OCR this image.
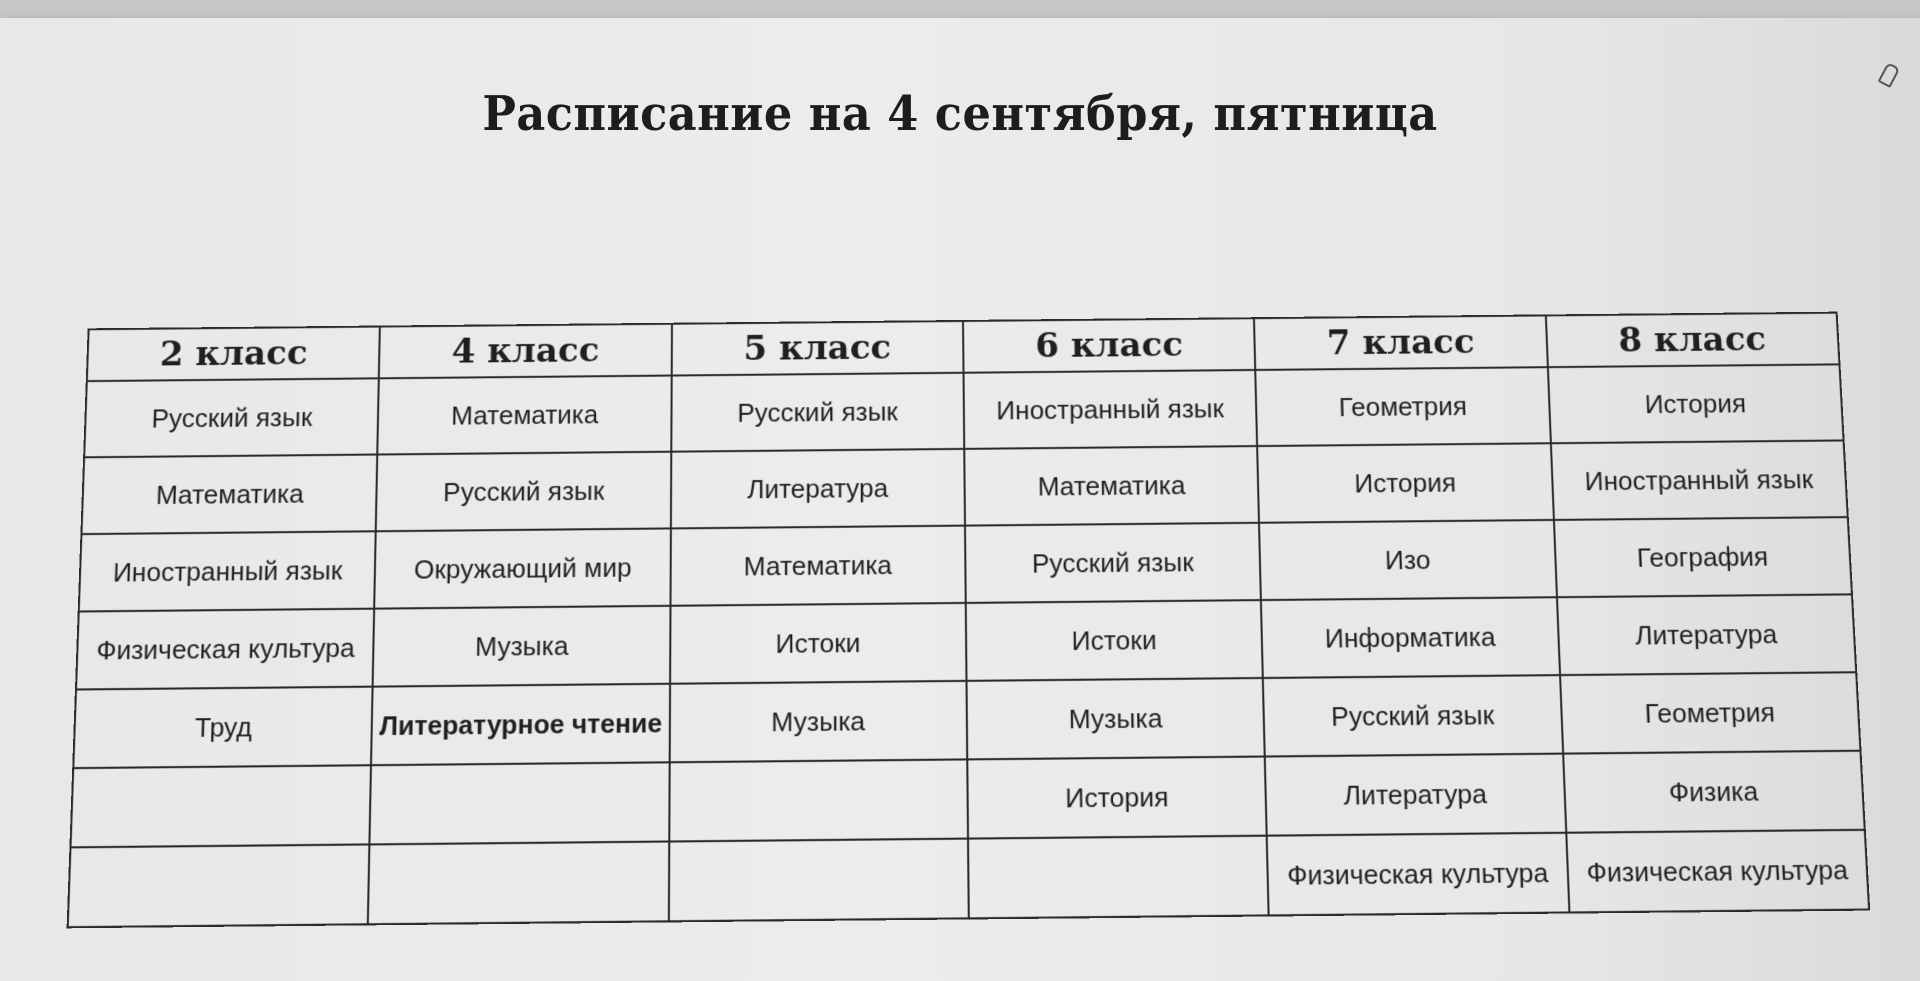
Расписание на 4 сентября, пятница
2 класс	4 класс	5 класс	6 класс	7 класс	8 класс
Русский язык	Математика	Русский язык	Иностранный язык	Геометрия	История
Математика	Русский язык	Литература	Математика	История	Иностранный язык
Иностранный язык	Окружающий мир	Математика	Русский язык	Изо	География
Физическая культура	Музыка	Истоки	Истоки	Информатика	Литература
Труд	Литературное чтение	Музыка	Музыка	Русский язык	Геометрия
			История	Литература	Физика
				Физическая культура	Физическая культура
